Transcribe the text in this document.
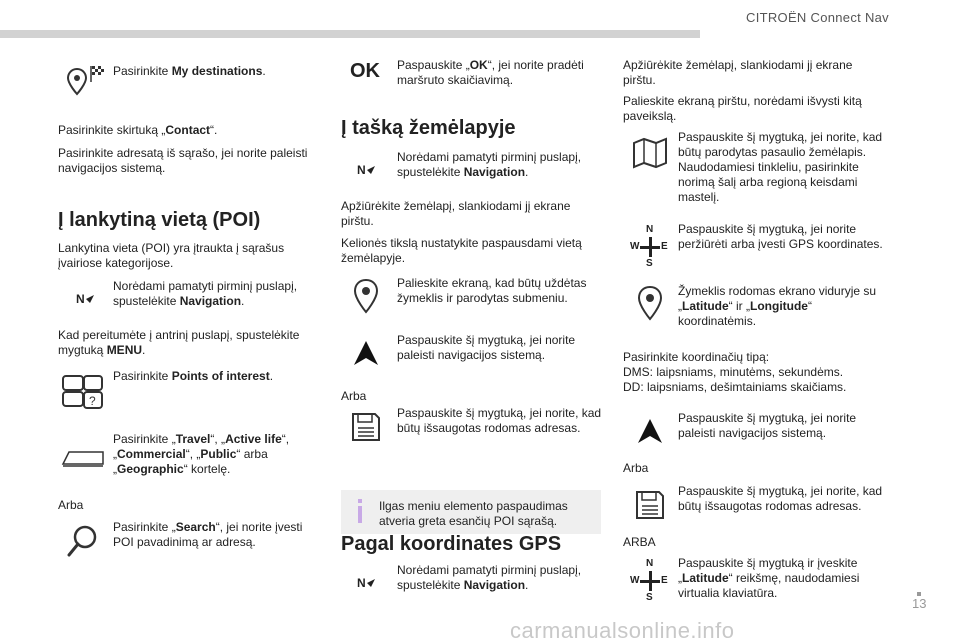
CITROËN Connect Nav
Pasirinkite My destinations.

Pasirinkite skirtuką „Contact“.

Pasirinkite adresatą iš sąrašo, jei norite paleisti navigacijos sistemą.

Į lankytiną vietą (POI)

Lankytina vieta (POI) yra įtraukta į sąrašus įvairiose kategorijose.

N
Norėdami pamatyti pirminį puslapį, spustelėkite Navigation.

Kad pereitumėte į antrinį puslapį, spustelėkite mygtuką MENU.

?
Pasirinkite Points of interest.
Pasirinkite „Travel“, „Active life“,
„Commercial“, „Public“ arba
„Geographic“ kortelę.

Arba

Pasirinkite „Search“, jei norite įvesti POI pavadinimą ar adresą.
OK Paspauskite „OK“, jei norite pradėti maršruto skaičiavimą.
Į tašką žemėlapyje
N
Norėdami pamatyti pirminį puslapį, spustelėkite Navigation.

Apžiūrėkite žemėlapį, slankiodami jį ekrane pirštu.

Kelionės tikslą nustatykite paspausdami vietą žemėlapyje.

Palieskite ekraną, kad būtų uždėtas žymeklis ir parodytas submeniu.
Paspauskite šį mygtuką, jei norite paleisti navigacijos sistemą.

Arba

Paspauskite šį mygtuką, jei norite, kad būtų išsaugotas rodomas adresas.
Ilgas meniu elemento paspaudimas atveria greta esančių POI sąrašą.
Pagal koordinates GPS
N
Norėdami pamatyti pirminį puslapį, spustelėkite Navigation.

Apžiūrėkite žemėlapį, slankiodami jį ekrane pirštu.

Palieskite ekraną pirštu, norėdami išvysti kitą paveikslą.

Paspauskite šį mygtuką, jei norite, kad būtų parodytas pasaulio žemėlapis.
Naudodamiesi tinkleliu, pasirinkite norimą šalį arba regioną keisdami mastelį.
N
S
W E
Paspauskite šį mygtuką, jei norite peržiūrėti arba įvesti GPS koordinates.
Žymeklis rodomas ekrano viduryje su „Latitude“ ir „Longitude“ koordinatėmis.

Pasirinkite koordinačių tipą:
DMS: laipsniams, minutėms, sekundėms.
DD: laipsniams, dešimtainiams skaičiams.

Paspauskite šį mygtuką, jei norite paleisti navigacijos sistemą.

Arba

Paspauskite šį mygtuką, jei norite, kad būtų išsaugotas rodomas adresas.

ARBA

N
S
W E
Paspauskite šį mygtuką ir įveskite „Latitude“ reikšmę, naudodamiesi virtualia klaviatūra.
13
carmanualsonline.info
